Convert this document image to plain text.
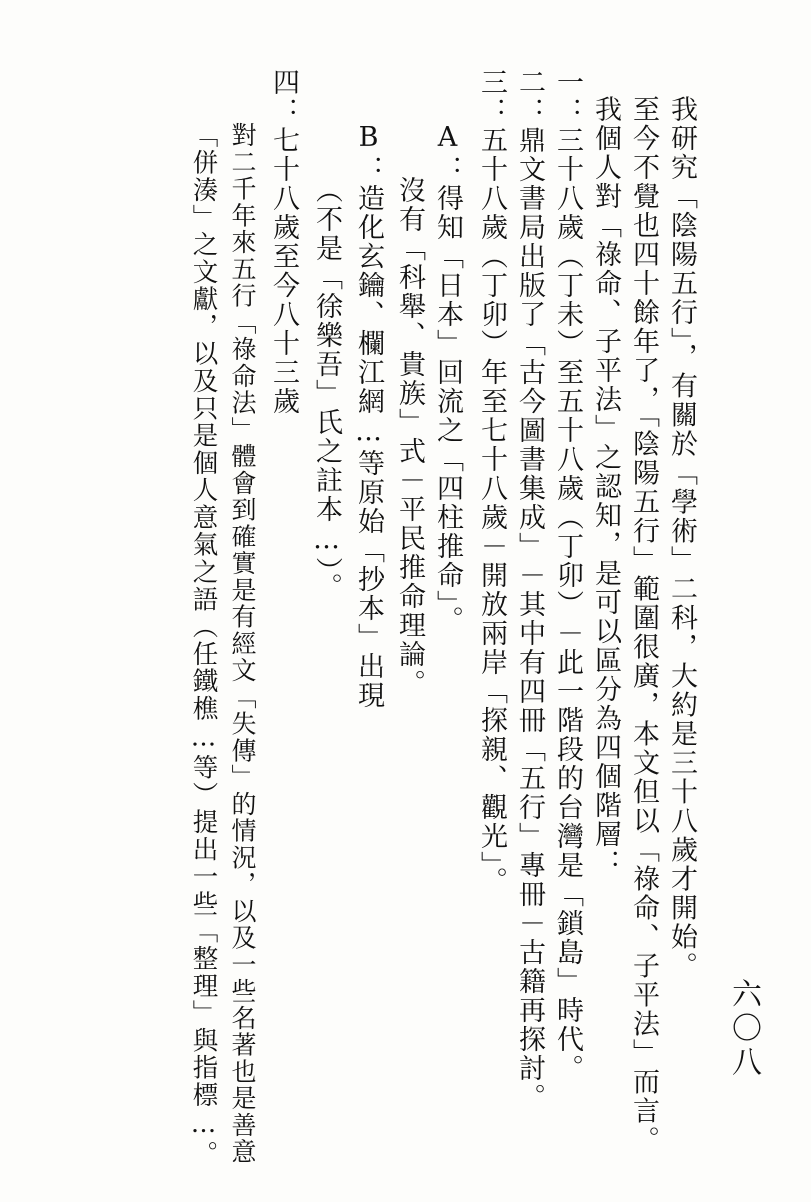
六〇八
我研究「陰陽五行」，有關於「學術」二科，大約是三十八歲才開始。
至今不覺也四十餘年了，「陰陽五行」範圍很廣，本文但以「祿命、子平法」而言。
我個人對「祿命、子平法」之認知，是可以區分為四個階層：
一：三十八歲（丁未）至五十八歲（丁卯）－此一階段的台灣是「鎖島」時代。
二：鼎文書局出版了「古今圖書集成」－其中有四冊「五行」專冊－古籍再探討。
三：五十八歲（丁卯）年至七十八歲－開放兩岸「探親、觀光」。
A：得知「日本」回流之「四柱推命」。
沒有「科舉、貴族」式－平民推命理論。
B：造化玄鑰、欄江網…等原始「抄本」出現
（不是「徐樂吾」氏之註本…）。
四：七十八歲至今八十三歲
對二千年來五行「祿命法」體會到確實是有經文「失傳」的情況，以及一些名著也是善意
「併湊」之文獻，以及只是個人意氣之語（任鐵樵…等）提出一些「整理」與指標…。
